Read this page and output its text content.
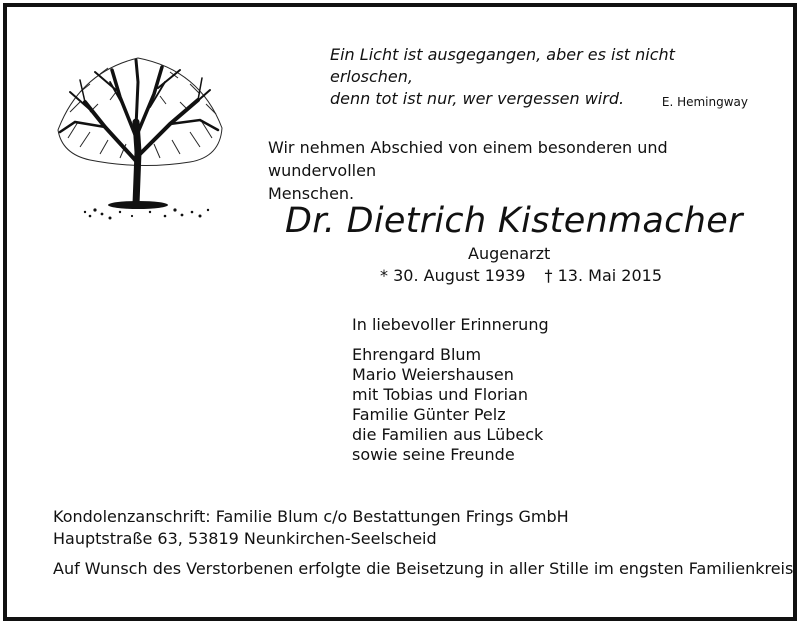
Ein Licht ist ausgegangen, aber es ist nicht erloschen,
denn tot ist nur, wer vergessen wird.	E. Hemingway
Wir nehmen Abschied von einem besonderen und wundervollen
Menschen.
Dr. Dietrich Kistenmacher
Augenarzt
* 30. August 1939 † 13. Mai 2015
In liebevoller Erinnerung
Ehrengard Blum
Mario Weiershausen
mit Tobias und Florian
Familie Günter Pelz
die Familien aus Lübeck
sowie seine Freunde
Kondolenzanschrift: Familie Blum c/o Bestattungen Frings GmbH
Hauptstraße 63, 53819 Neunkirchen-Seelscheid
Auf Wunsch des Verstorbenen erfolgte die Beisetzung in aller Stille im engsten Familienkreis.
